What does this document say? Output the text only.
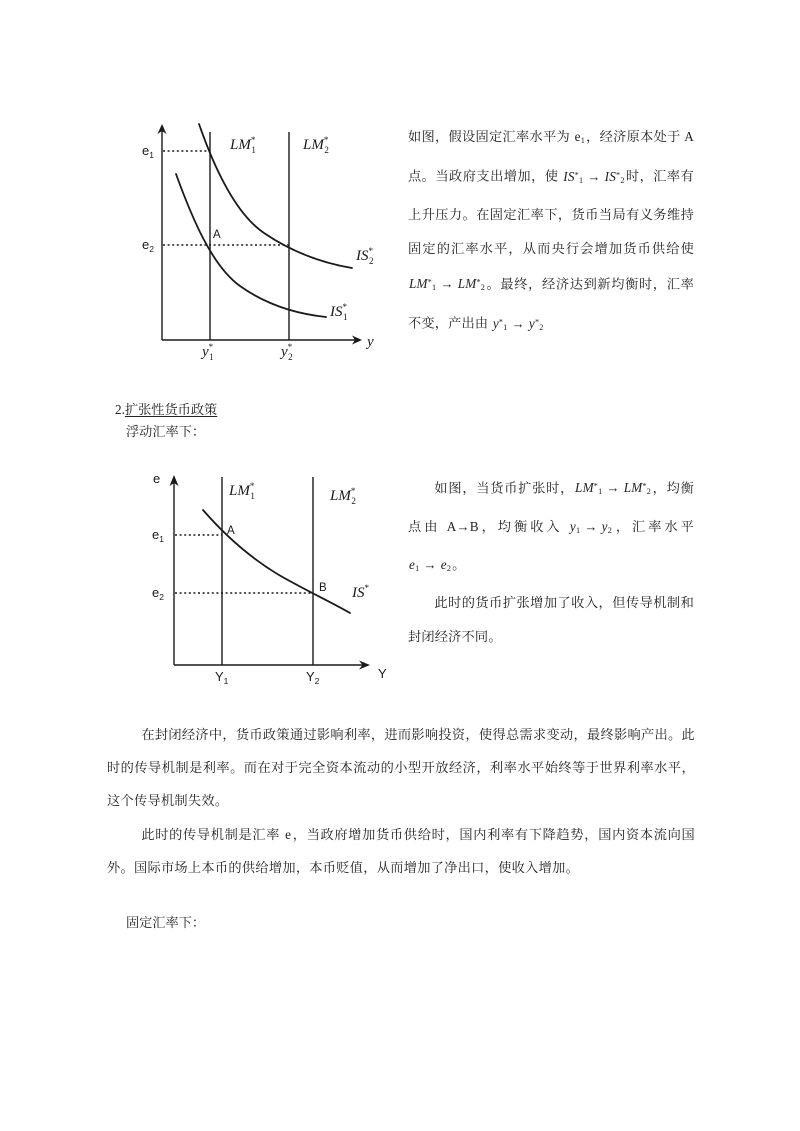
$e_1$
$e_2$
LM* 1	LM* 2
IS* 2
IS* 1
A
y* 1	y* 2
y

如图，假设固定汇率水平为 $e_1$，经济原本处于 A 点。当政府支出增加，使 $IS^*_1 \to IS^*_2$时，汇率有上升压力。在固定汇率下，货币当局有义务维持固定的汇率水平，从而央行会增加货币供给使 $LM^*_1 \to LM^*_2$。最终，经济达到新均衡时，汇率不变，产出由 $y^*_1 \to y^*_2$

2.扩张性货币政策
浮动汇率下：
e
$e_1$
$e_2$
LM* 1	LM* 2
IS*
A
B
$Y_1$	$Y_2$	Y

如图，当货币扩张时，$LM^*_1 \to LM^*_2$，均衡点由 A→B，均衡收入 $y_1 \to y_2$，汇率水平$e_1 \to e_2$。

此时的货币扩张增加了收入，但传导机制和封闭经济不同。

在封闭经济中，货币政策通过影响利率，进而影响投资，使得总需求变动，最终影响产出。此时的传导机制是利率。而在对于完全资本流动的小型开放经济，利率水平始终等于世界利率水平，这个传导机制失效。

此时的传导机制是汇率 e，当政府增加货币供给时，国内利率有下降趋势，国内资本流向国外。国际市场上本币的供给增加，本币贬值，从而增加了净出口，使收入增加。

固定汇率下：
